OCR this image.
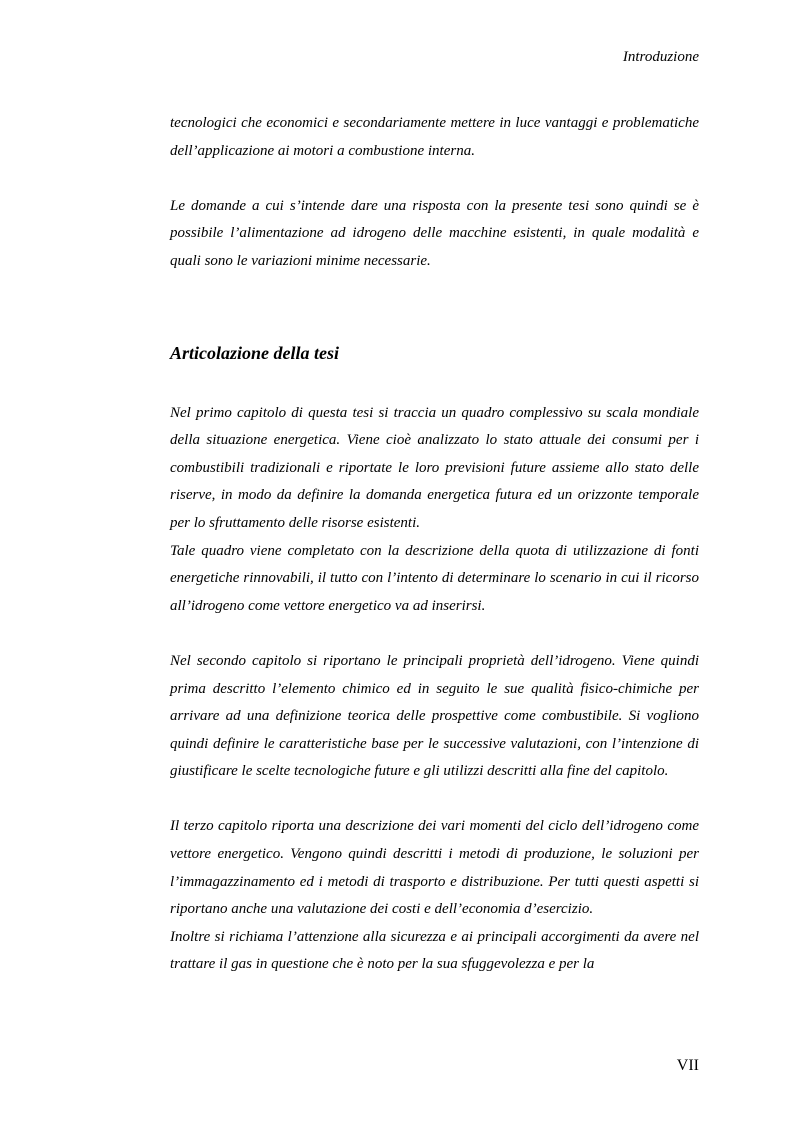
Introduzione

tecnologici che economici e secondariamente mettere in luce vantaggi e problematiche dell’applicazione ai motori a combustione interna.

Le domande a cui s’intende dare una risposta con la presente tesi sono quindi se è possibile l’alimentazione ad idrogeno delle macchine esistenti, in quale modalità e quali sono le variazioni minime necessarie.

Articolazione della tesi

Nel primo capitolo di questa tesi si traccia un quadro complessivo su scala mondiale della situazione energetica. Viene cioè analizzato lo stato attuale dei consumi per i combustibili tradizionali e riportate le loro previsioni future assieme allo stato delle riserve, in modo da definire la domanda energetica futura ed un orizzonte temporale per lo sfruttamento delle risorse esistenti.

Tale quadro viene completato con la descrizione della quota di utilizzazione di fonti energetiche rinnovabili, il tutto con l’intento di determinare lo scenario in cui il ricorso all’idrogeno come vettore energetico va ad inserirsi.

Nel secondo capitolo si riportano le principali proprietà dell’idrogeno. Viene quindi prima descritto l’elemento chimico ed in seguito le sue qualità fisico-chimiche per arrivare ad una definizione teorica delle prospettive come combustibile. Si vogliono quindi definire le caratteristiche base per le successive valutazioni, con l’intenzione di giustificare le scelte tecnologiche future e gli utilizzi descritti alla fine del capitolo.

Il terzo capitolo riporta una descrizione dei vari momenti del ciclo dell’idrogeno come vettore energetico. Vengono quindi descritti i metodi di produzione, le soluzioni per l’immagazzinamento ed i metodi di trasporto e distribuzione. Per tutti questi aspetti si riportano anche una valutazione dei costi e dell’economia d’esercizio.

Inoltre si richiama l’attenzione alla sicurezza e ai principali accorgimenti da avere nel trattare il gas in questione che è noto per la sua sfuggevolezza e per la

VII
